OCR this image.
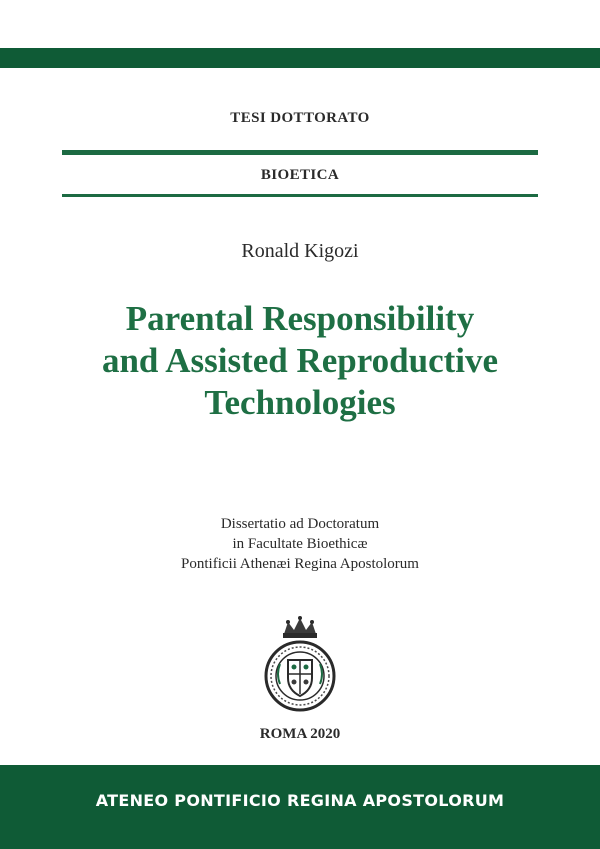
TESI DOTTORATO
BIOETICA
Ronald Kigozi
Parental Responsibility
and Assisted Reproductive
Technologies
Dissertatio ad Doctoratum
in Facultate Bioethicæ
Pontificii Athenæi Regina Apostolorum
ROMA 2020
ATENEO PONTIFICIO REGINA APOSTOLORUM
